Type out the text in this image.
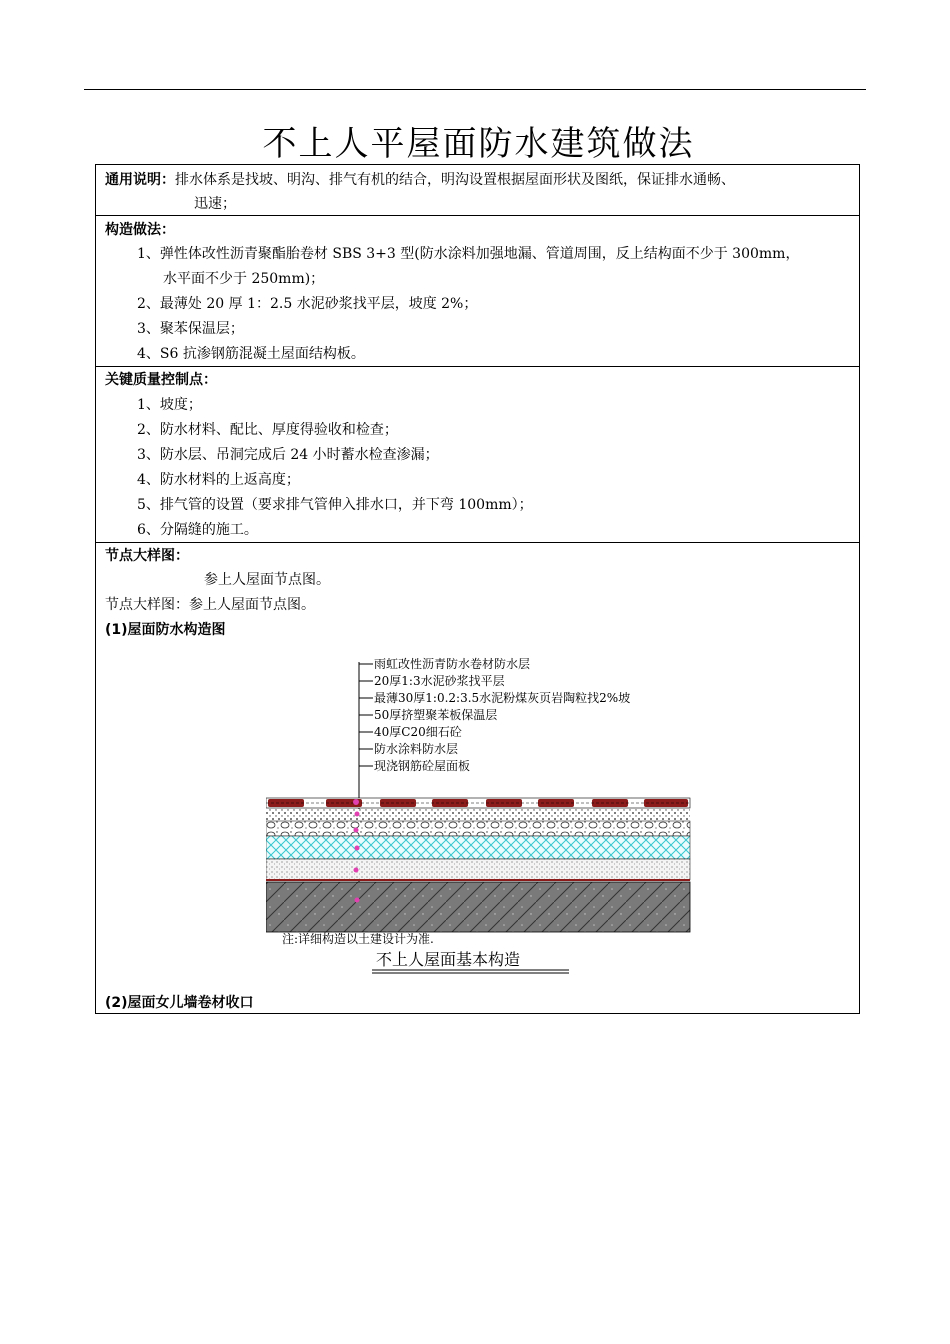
不上人平屋面防水建筑做法
通用说明：排水体系是找坡、明沟、排气有机的结合，明沟设置根据屋面形状及图纸，保证排水通畅、
迅速；
构造做法：
1、弹性体改性沥青聚酯胎卷材 SBS 3+3 型(防水涂料加强地漏、管道周围，反上结构面不少于 300mm，
水平面不少于 250mm)；
2、最薄处 20 厚 1：2.5 水泥砂浆找平层，坡度 2%；
3、聚苯保温层；
4、S6 抗渗钢筋混凝土屋面结构板。
关键质量控制点：
1、坡度；
2、防水材料、配比、厚度得验收和检查；
3、防水层、吊洞完成后 24 小时蓄水检查渗漏；
4、防水材料的上返高度；
5、排气管的设置（要求排气管伸入排水口，并下弯 100mm）；
6、分隔缝的施工。
节点大样图：
参上人屋面节点图。
节点大样图：参上人屋面节点图。
(1)屋面防水构造图
雨虹改性沥青防水卷材防水层
20厚1:3水泥砂浆找平层
最薄30厚1:0.2:3.5水泥粉煤灰页岩陶粒找2%坡
50厚挤塑聚苯板保温层
40厚C20细石砼
防水涂料防水层
现浇钢筋砼屋面板
注:详细构造以土建设计为准.
不上人屋面基本构造
(2)屋面女儿墙卷材收口
